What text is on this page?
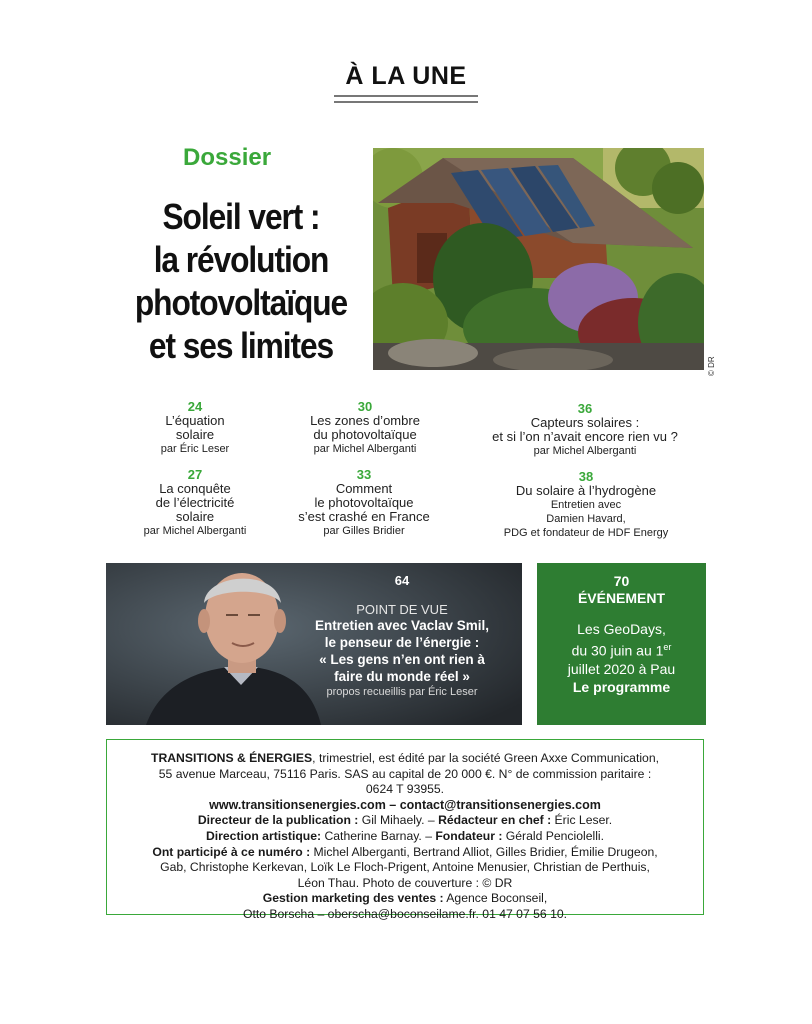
À LA UNE
Dossier
Soleil vert :
la révolution
photovoltaïque
et ses limites
© DR
24
L’équation
solaire
par Éric Leser
30
Les zones d’ombre
du photovoltaïque
par Michel Alberganti
36
Capteurs solaires :
et si l’on n’avait encore rien vu ?
par Michel Alberganti
27
La conquête
de l’électricité
solaire
par Michel Alberganti
33
Comment
le photovoltaïque
s’est crashé en France
par Gilles Bridier
38
Du solaire à l’hydrogène
Entretien avec
Damien Havard,
PDG et fondateur de HDF Energy
64
POINT DE VUE
Entretien avec Vaclav Smil,
le penseur de l’énergie :
« Les gens n’en ont rien à
faire du monde réel »
propos recueillis par Éric Leser
70
ÉVÉNEMENT
Les GeoDays,
du 30 juin au 1er
juillet 2020 à Pau
Le programme
TRANSITIONS & ÉNERGIES, trimestriel, est édité par la société Green Axxe Communication,
55 avenue Marceau, 75116 Paris. SAS au capital de 20 000 €. N° de commission paritaire :
0624 T 93955.
www.transitionsenergies.com – contact@transitionsenergies.com
Directeur de la publication : Gil Mihaely. – Rédacteur en chef : Éric Leser.
Direction artistique: Catherine Barnay. – Fondateur : Gérald Penciolelli.
Ont participé à ce numéro : Michel Alberganti, Bertrand Alliot, Gilles Bridier, Émilie Drugeon,
Gab, Christophe Kerkevan, Loïk Le Floch-Prigent, Antoine Menusier, Christian de Perthuis,
Léon Thau. Photo de couverture : © DR
Gestion marketing des ventes : Agence Boconseil,
Otto Borscha – oberscha@boconseilame.fr. 01 47 07 56 10.
